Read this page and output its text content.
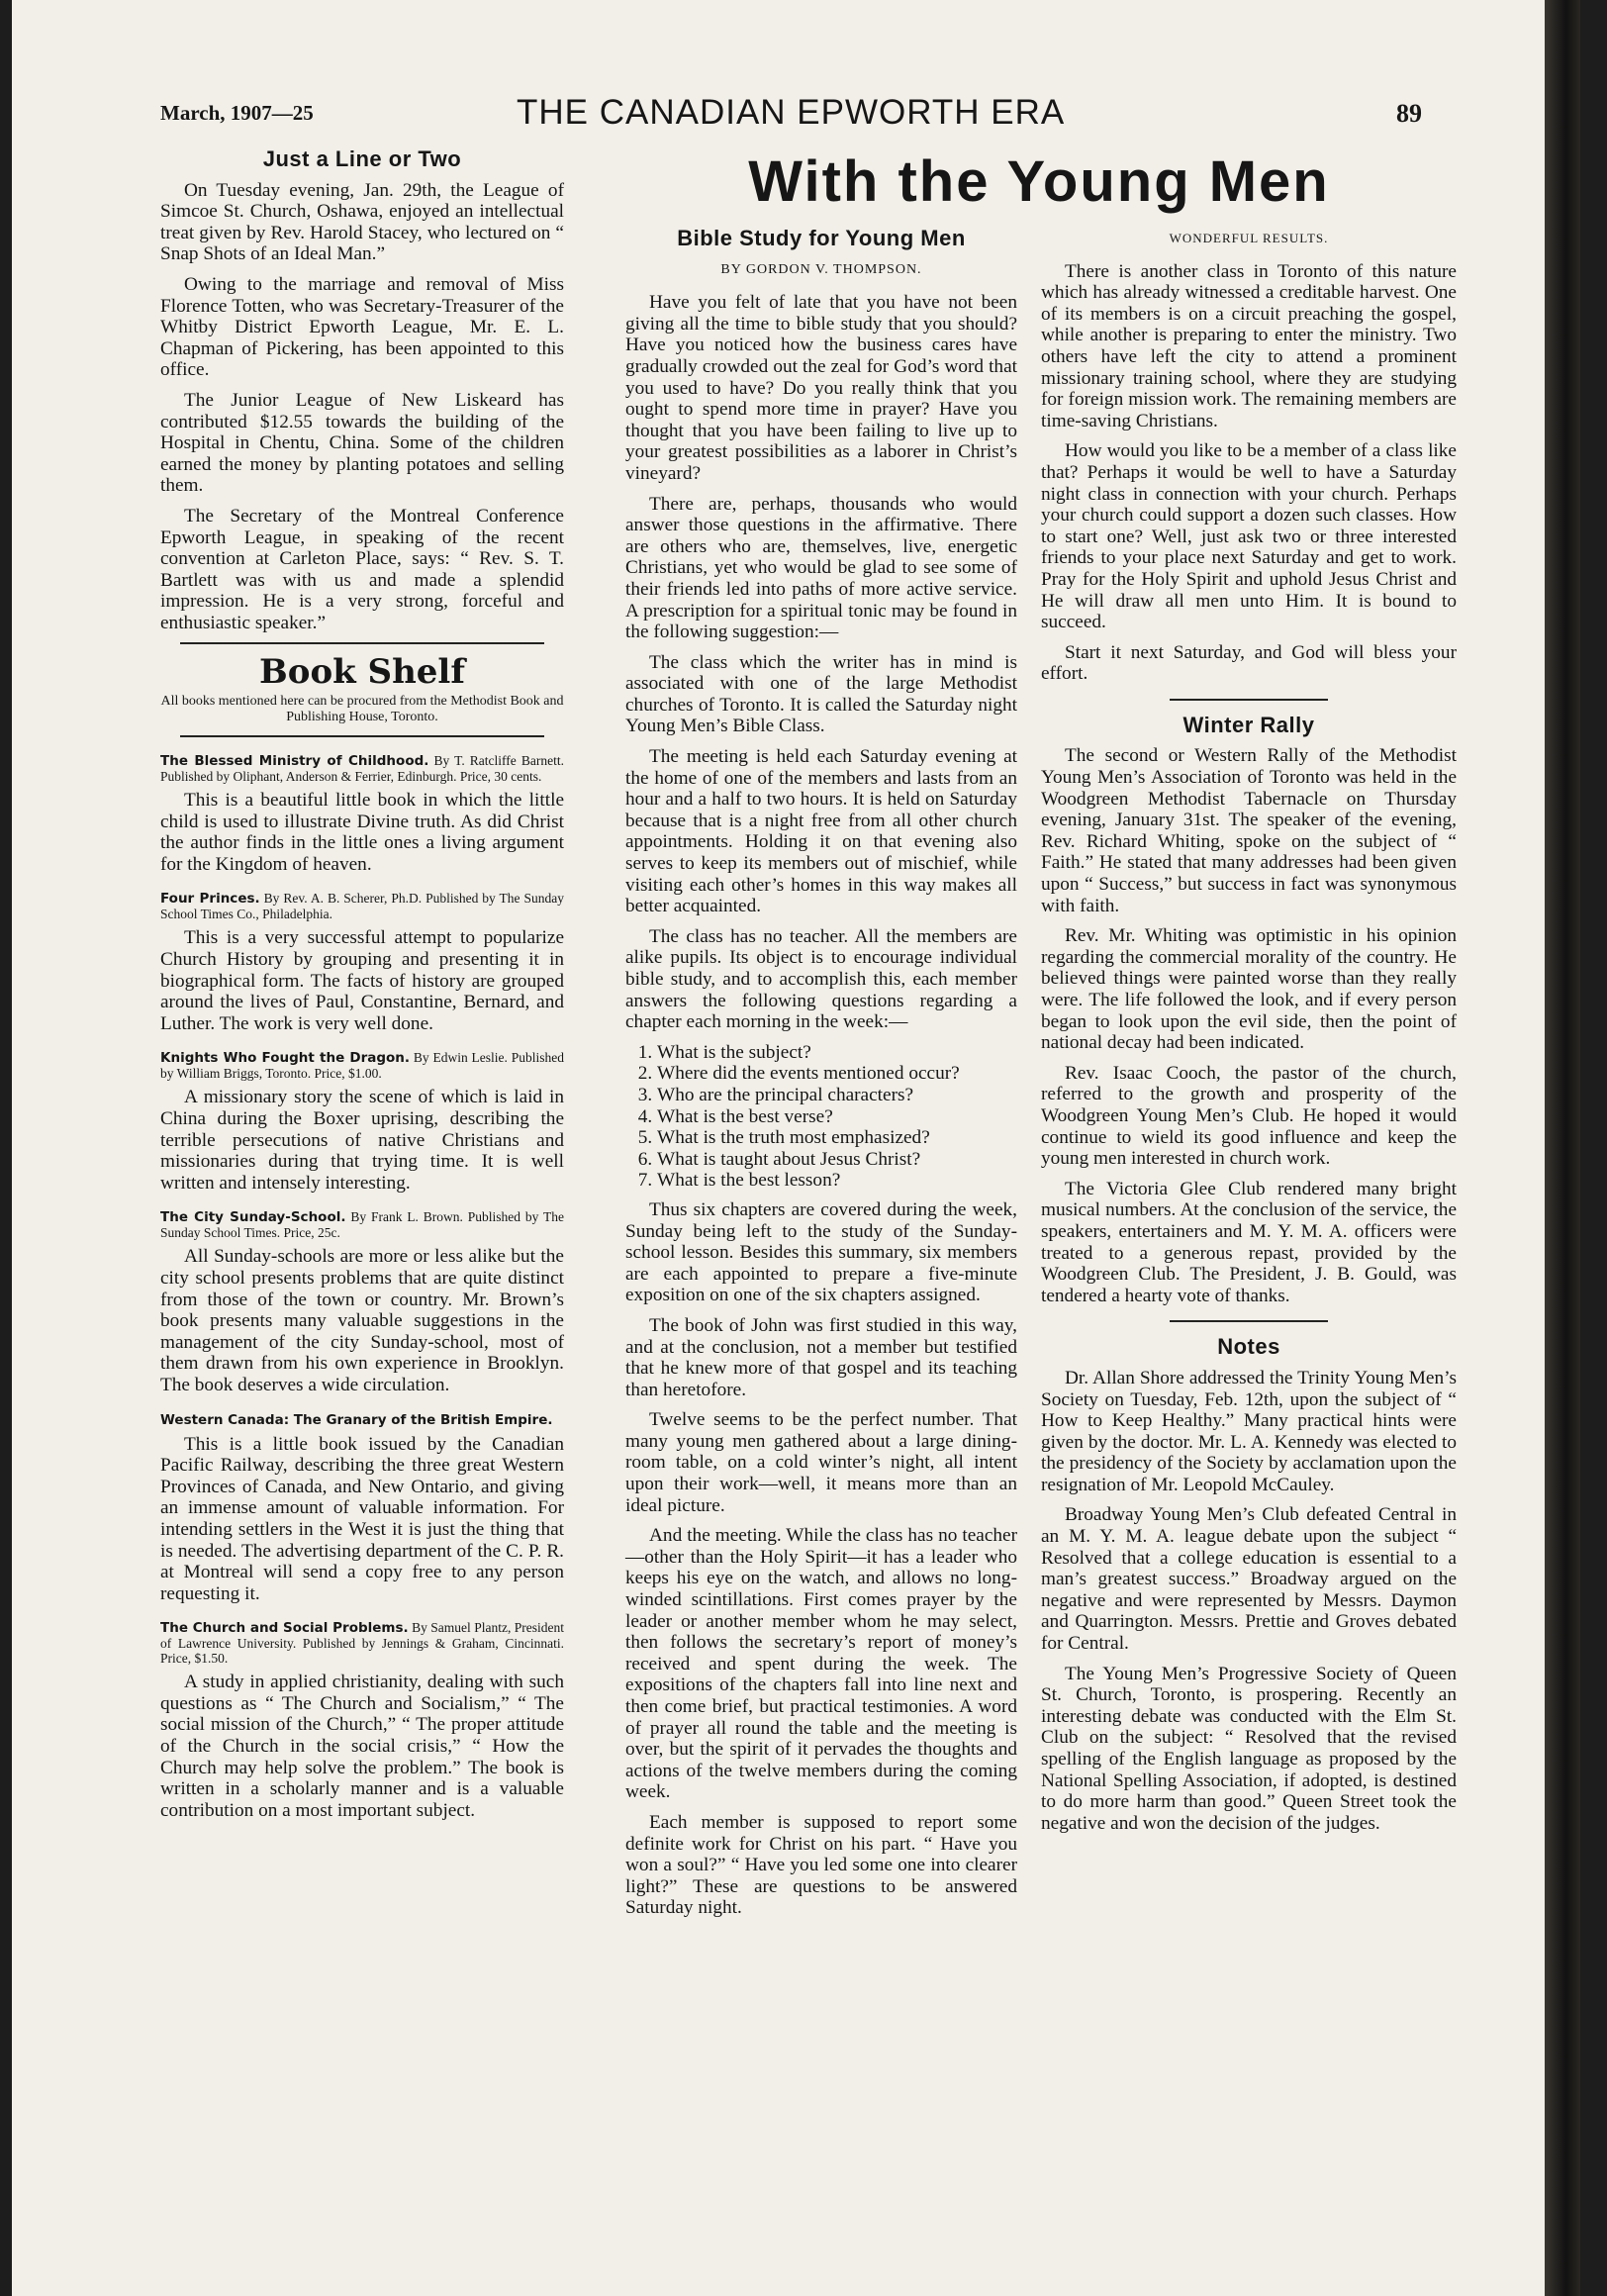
March, 1907—25	THE CANADIAN EPWORTH ERA	89
With the Young Men
Just a Line or Two

On Tuesday evening, Jan. 29th, the League of Simcoe St. Church, Oshawa, enjoyed an intellectual treat given by Rev. Harold Stacey, who lectured on “ Snap Shots of an Ideal Man.”

Owing to the marriage and removal of Miss Florence Totten, who was Secretary-Treasurer of the Whitby District Epworth League, Mr. E. L. Chapman of Pickering, has been appointed to this office.

The Junior League of New Liskeard has contributed $12.55 towards the building of the Hospital in Chentu, China. Some of the children earned the money by planting potatoes and selling them.

The Secretary of the Montreal Conference Epworth League, in speaking of the recent convention at Carleton Place, says: “ Rev. S. T. Bartlett was with us and made a splendid impression. He is a very strong, forceful and enthusiastic speaker.”

Book Shelf
All books mentioned here can be procured from the Methodist Book and Publishing House, Toronto.
The Blessed Ministry of Childhood. By T. Ratcliffe Barnett. Published by Oliphant, Anderson & Ferrier, Edinburgh. Price, 30 cents.

This is a beautiful little book in which the little child is used to illustrate Divine truth. As did Christ the author finds in the little ones a living argument for the Kingdom of heaven.

Four Princes. By Rev. A. B. Scherer, Ph.D. Published by The Sunday School Times Co., Philadelphia.

This is a very successful attempt to popularize Church History by grouping and presenting it in biographical form. The facts of history are grouped around the lives of Paul, Constantine, Bernard, and Luther. The work is very well done.

Knights Who Fought the Dragon. By Edwin Leslie. Published by William Briggs, Toronto. Price, $1.00.

A missionary story the scene of which is laid in China during the Boxer uprising, describing the terrible persecutions of native Christians and missionaries during that trying time. It is well written and intensely interesting.

The City Sunday-School. By Frank L. Brown. Published by The Sunday School Times. Price, 25c.

All Sunday-schools are more or less alike but the city school presents problems that are quite distinct from those of the town or country. Mr. Brown’s book presents many valuable suggestions in the management of the city Sunday-school, most of them drawn from his own experience in Brooklyn. The book deserves a wide circulation.

Western Canada: The Granary of the British Empire.

This is a little book issued by the Canadian Pacific Railway, describing the three great Western Provinces of Canada, and New Ontario, and giving an immense amount of valuable information. For intending settlers in the West it is just the thing that is needed. The advertising department of the C. P. R. at Montreal will send a copy free to any person requesting it.

The Church and Social Problems. By Samuel Plantz, President of Lawrence University. Published by Jennings & Graham, Cincinnati. Price, $1.50.

A study in applied christianity, dealing with such questions as “ The Church and Socialism,” “ The social mission of the Church,” “ The proper attitude of the Church in the social crisis,” “ How the Church may help solve the problem.” The book is written in a scholarly manner and is a valuable contribution on a most important subject.

Bible Study for Young Men
BY GORDON V. THOMPSON.

Have you felt of late that you have not been giving all the time to bible study that you should? Have you noticed how the business cares have gradually crowded out the zeal for God’s word that you used to have? Do you really think that you ought to spend more time in prayer? Have you thought that you have been failing to live up to your greatest possibilities as a laborer in Christ’s vineyard?

There are, perhaps, thousands who would answer those questions in the affirmative. There are others who are, themselves, live, energetic Christians, yet who would be glad to see some of their friends led into paths of more active service. A prescription for a spiritual tonic may be found in the following suggestion:—

The class which the writer has in mind is associated with one of the large Methodist churches of Toronto. It is called the Saturday night Young Men’s Bible Class.

The meeting is held each Saturday evening at the home of one of the members and lasts from an hour and a half to two hours. It is held on Saturday because that is a night free from all other church appointments. Holding it on that evening also serves to keep its members out of mischief, while visiting each other’s homes in this way makes all better acquainted.

The class has no teacher. All the members are alike pupils. Its object is to encourage individual bible study, and to accomplish this, each member answers the following questions regarding a chapter each morning in the week:—

1. What is the subject?
2. Where did the events mentioned occur?
3. Who are the principal characters?
4. What is the best verse?
5. What is the truth most emphasized?
6. What is taught about Jesus Christ?
7. What is the best lesson?

Thus six chapters are covered during the week, Sunday being left to the study of the Sunday-school lesson. Besides this summary, six members are each appointed to prepare a five-minute exposition on one of the six chapters assigned.

The book of John was first studied in this way, and at the conclusion, not a member but testified that he knew more of that gospel and its teaching than heretofore.

Twelve seems to be the perfect number. That many young men gathered about a large dining-room table, on a cold winter’s night, all intent upon their work—well, it means more than an ideal picture.

And the meeting. While the class has no teacher—other than the Holy Spirit—it has a leader who keeps his eye on the watch, and allows no long-winded scintillations. First comes prayer by the leader or another member whom he may select, then follows the secretary’s report of money’s received and spent during the week. The expositions of the chapters fall into line next and then come brief, but practical testimonies. A word of prayer all round the table and the meeting is over, but the spirit of it pervades the thoughts and actions of the twelve members during the coming week.

Each member is supposed to report some definite work for Christ on his part. “ Have you won a soul?” “ Have you led some one into clearer light?” These are questions to be answered Saturday night.

WONDERFUL RESULTS.

There is another class in Toronto of this nature which has already witnessed a creditable harvest. One of its members is on a circuit preaching the gospel, while another is preparing to enter the ministry. Two others have left the city to attend a prominent missionary training school, where they are studying for foreign mission work. The remaining members are time-saving Christians.

How would you like to be a member of a class like that? Perhaps it would be well to have a Saturday night class in connection with your church. Perhaps your church could support a dozen such classes. How to start one? Well, just ask two or three interested friends to your place next Saturday and get to work. Pray for the Holy Spirit and uphold Jesus Christ and He will draw all men unto Him. It is bound to succeed.

Start it next Saturday, and God will bless your effort.

Winter Rally

The second or Western Rally of the Methodist Young Men’s Association of Toronto was held in the Woodgreen Methodist Tabernacle on Thursday evening, January 31st. The speaker of the evening, Rev. Richard Whiting, spoke on the subject of “ Faith.” He stated that many addresses had been given upon “ Success,” but success in fact was synonymous with faith.

Rev. Mr. Whiting was optimistic in his opinion regarding the commercial morality of the country. He believed things were painted worse than they really were. The life followed the look, and if every person began to look upon the evil side, then the point of national decay had been indicated.

Rev. Isaac Cooch, the pastor of the church, referred to the growth and prosperity of the Woodgreen Young Men’s Club. He hoped it would continue to wield its good influence and keep the young men interested in church work.

The Victoria Glee Club rendered many bright musical numbers. At the conclusion of the service, the speakers, entertainers and M. Y. M. A. officers were treated to a generous repast, provided by the Woodgreen Club. The President, J. B. Gould, was tendered a hearty vote of thanks.

Notes

Dr. Allan Shore addressed the Trinity Young Men’s Society on Tuesday, Feb. 12th, upon the subject of “ How to Keep Healthy.” Many practical hints were given by the doctor. Mr. L. A. Kennedy was elected to the presidency of the Society by acclamation upon the resignation of Mr. Leopold McCauley.

Broadway Young Men’s Club defeated Central in an M. Y. M. A. league debate upon the subject “ Resolved that a college education is essential to a man’s greatest success.” Broadway argued on the negative and were represented by Messrs. Daymon and Quarrington. Messrs. Prettie and Groves debated for Central.

The Young Men’s Progressive Society of Queen St. Church, Toronto, is prospering. Recently an interesting debate was conducted with the Elm St. Club on the subject: “ Resolved that the revised spelling of the English language as proposed by the National Spelling Association, if adopted, is destined to do more harm than good.” Queen Street took the negative and won the decision of the judges.
